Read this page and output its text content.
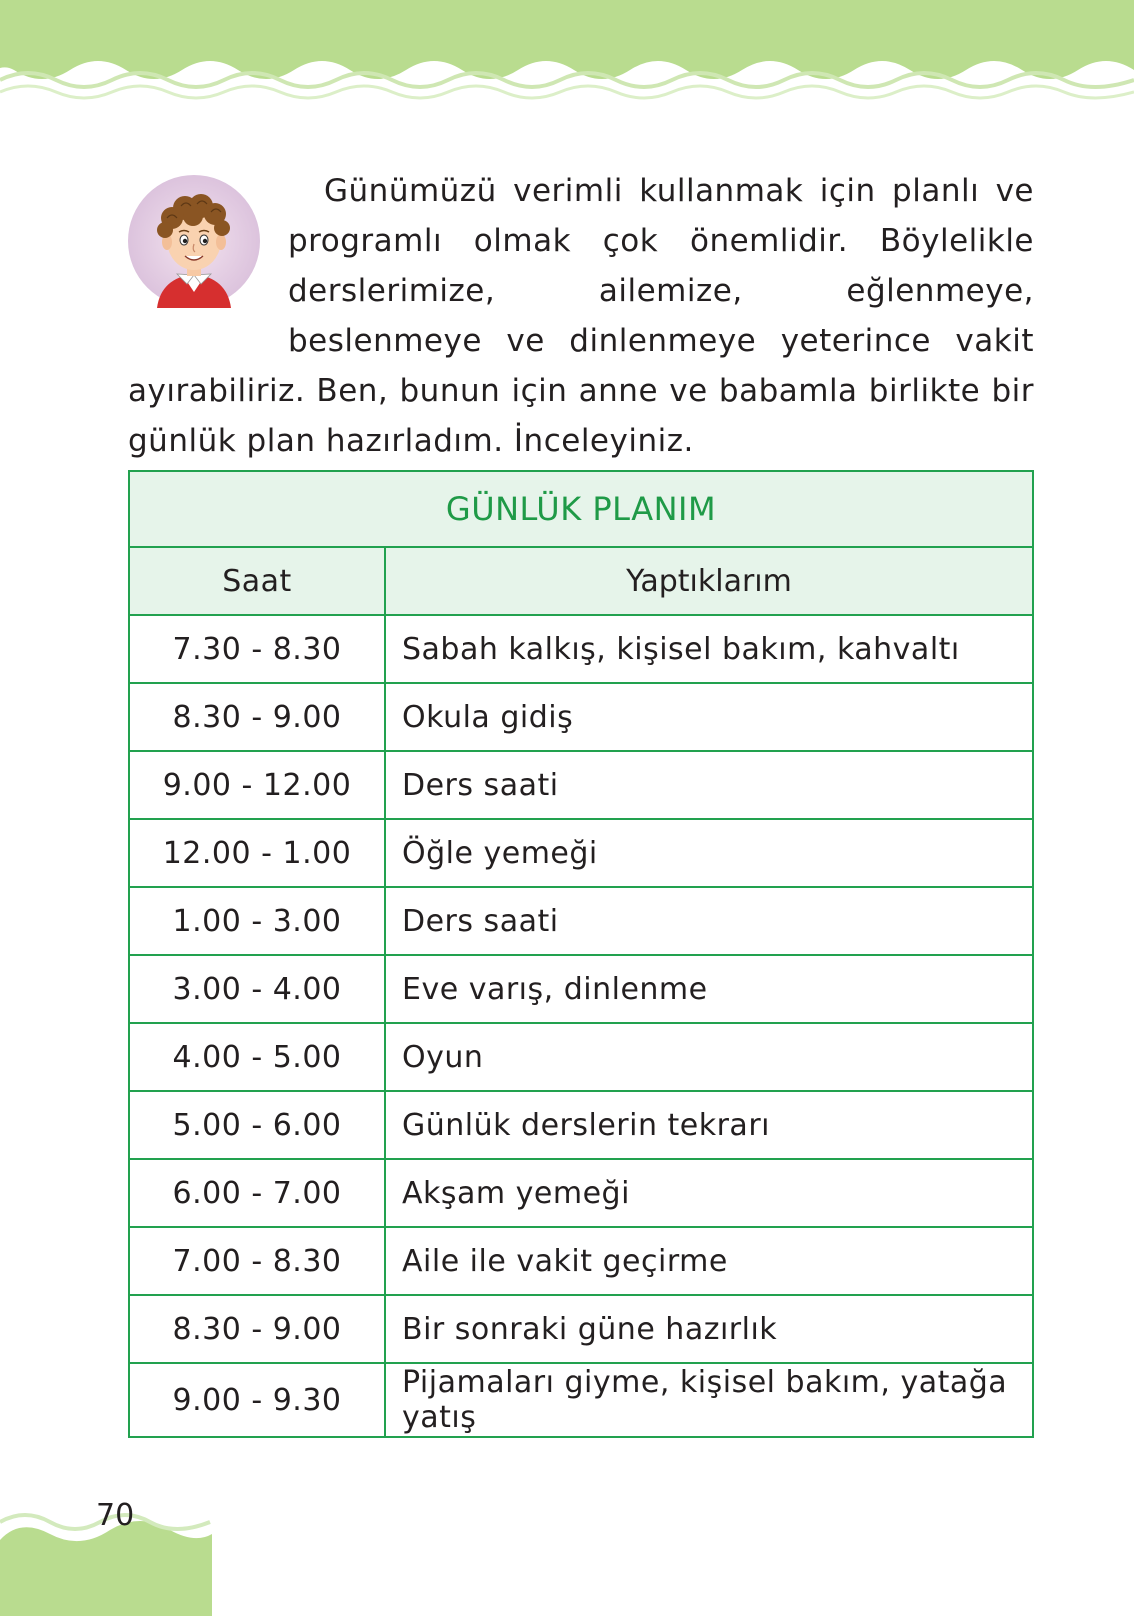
Günümüzü verimli kullanmak için planlı ve programlı olmak çok önemlidir. Böylelikle derslerimize, ailemize, eğlenmeye, beslenmeye ve dinlenmeye yeterince vakit ayırabiliriz. Ben, bunun için anne ve babamla birlikte bir günlük plan hazırladım. İnceleyiniz.

GÜNLÜK PLANIM	
Saat	Yaptıklarım
7.30 - 8.30	Sabah kalkış, kişisel bakım, kahvaltı
8.30 - 9.00	Okula gidiş
9.00 - 12.00	Ders saati
12.00 - 1.00	Öğle yemeği
1.00 - 3.00	Ders saati
3.00 - 4.00	Eve varış, dinlenme
4.00 - 5.00	Oyun
5.00 - 6.00	Günlük derslerin tekrarı
6.00 - 7.00	Akşam yemeği
7.00 - 8.30	Aile ile vakit geçirme
8.30 - 9.00	Bir sonraki güne hazırlık
9.00 - 9.30	Pijamaları giyme, kişisel bakım, yatağa yatış
70
